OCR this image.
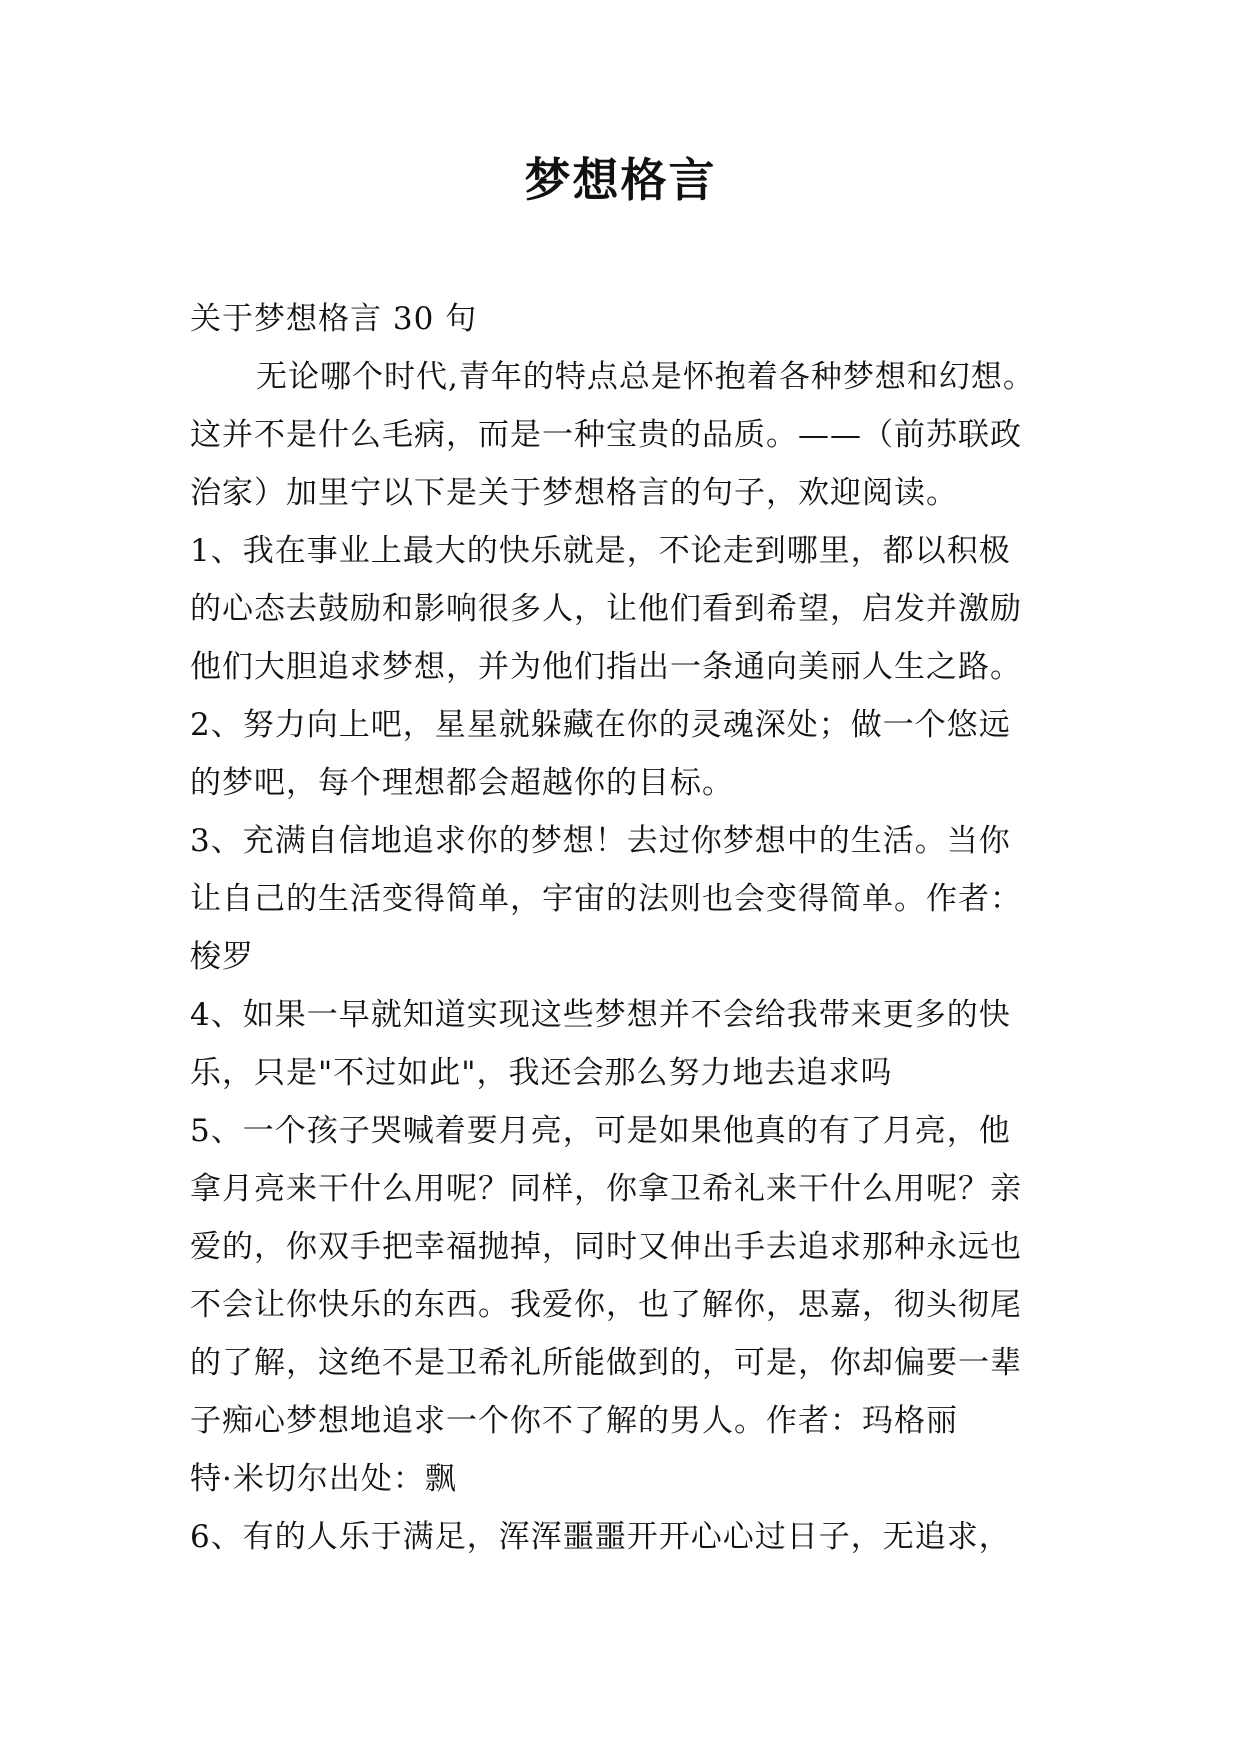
梦想格言
关于梦想格言 30 句
无论哪个时代,青年的特点总是怀抱着各种梦想和幻想。
这并不是什么毛病，而是一种宝贵的品质。——（前苏联政
治家）加里宁以下是关于梦想格言的句子，欢迎阅读。
1、我在事业上最大的快乐就是，不论走到哪里，都以积极
的心态去鼓励和影响很多人，让他们看到希望，启发并激励
他们大胆追求梦想，并为他们指出一条通向美丽人生之路。
2、努力向上吧，星星就躲藏在你的灵魂深处；做一个悠远
的梦吧，每个理想都会超越你的目标。
3、充满自信地追求你的梦想！去过你梦想中的生活。当你
让自己的生活变得简单，宇宙的法则也会变得简单。作者：
梭罗
4、如果一早就知道实现这些梦想并不会给我带来更多的快
乐，只是"不过如此"，我还会那么努力地去追求吗
5、一个孩子哭喊着要月亮，可是如果他真的有了月亮，他
拿月亮来干什么用呢？同样，你拿卫希礼来干什么用呢？亲
爱的，你双手把幸福抛掉，同时又伸出手去追求那种永远也
不会让你快乐的东西。我爱你，也了解你，思嘉，彻头彻尾
的了解，这绝不是卫希礼所能做到的，可是，你却偏要一辈
子痴心梦想地追求一个你不了解的男人。作者：玛格丽
特·米切尔出处：飘
6、有的人乐于满足，浑浑噩噩开开心心过日子，无追求，
